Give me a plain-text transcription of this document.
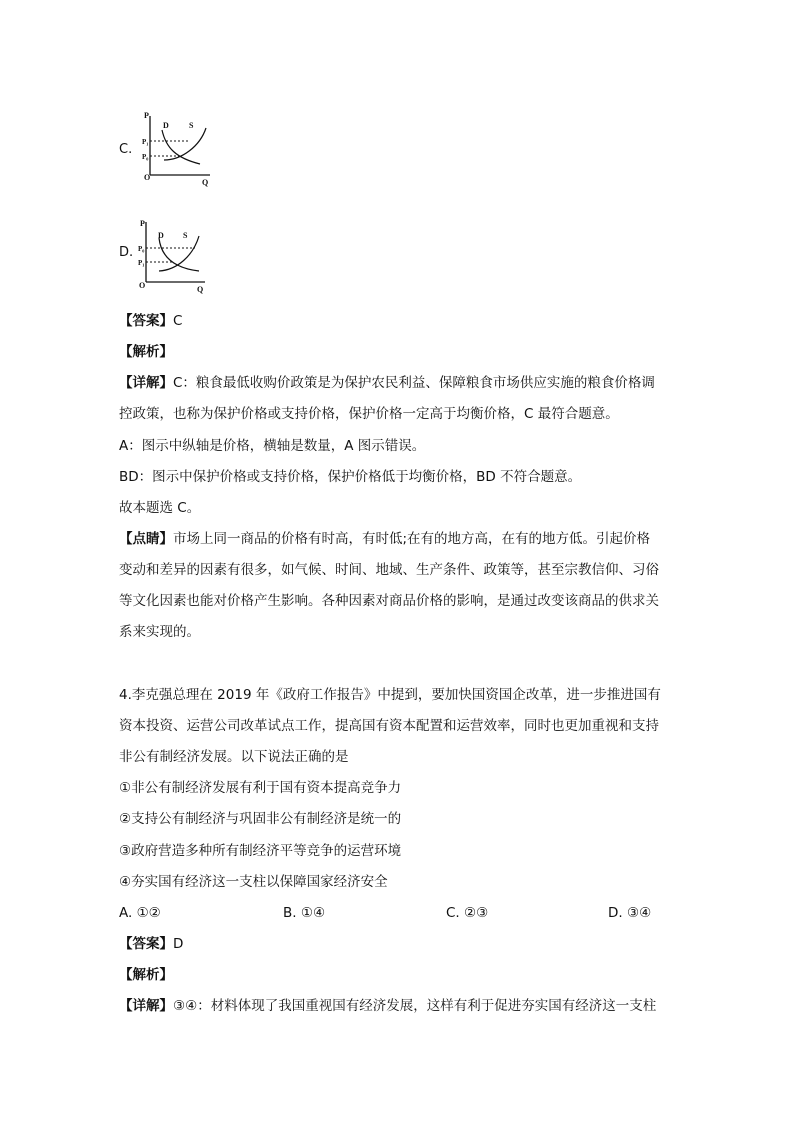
C.
P
D	S
P₁
P₀
O
Q
D.
P
D S
P₀
P₁
O	Q
【答案】C
【解析】
【详解】C：粮食最低收购价政策是为保护农民利益、保障粮食市场供应实施的粮食价格调
控政策，也称为保护价格或支持价格，保护价格一定高于均衡价格，C 最符合题意。
A：图示中纵轴是价格，横轴是数量，A 图示错误。
BD：图示中保护价格或支持价格，保护价格低于均衡价格，BD 不符合题意。
故本题选 C。
【点睛】市场上同一商品的价格有时高，有时低;在有的地方高，在有的地方低。引起价格
变动和差异的因素有很多，如气候、时间、地域、生产条件、政策等，甚至宗教信仰、习俗
等文化因素也能对价格产生影响。各种因素对商品价格的影响，是通过改变该商品的供求关
系来实现的。
4.李克强总理在 2019 年《政府工作报告》中提到，要加快国资国企改革，进一步推进国有
资本投资、运营公司改革试点工作，提高国有资本配置和运营效率，同时也更加重视和支持
非公有制经济发展。以下说法正确的是
①非公有制经济发展有利于国有资本提高竞争力
②支持公有制经济与巩固非公有制经济是统一的
③政府营造多种所有制经济平等竞争的运营环境
④夯实国有经济这一支柱以保障国家经济安全
A. ①②	B. ①④	C. ②③	D. ③④
【答案】D
【解析】
【详解】③④：材料体现了我国重视国有经济发展，这样有利于促进夯实国有经济这一支柱
